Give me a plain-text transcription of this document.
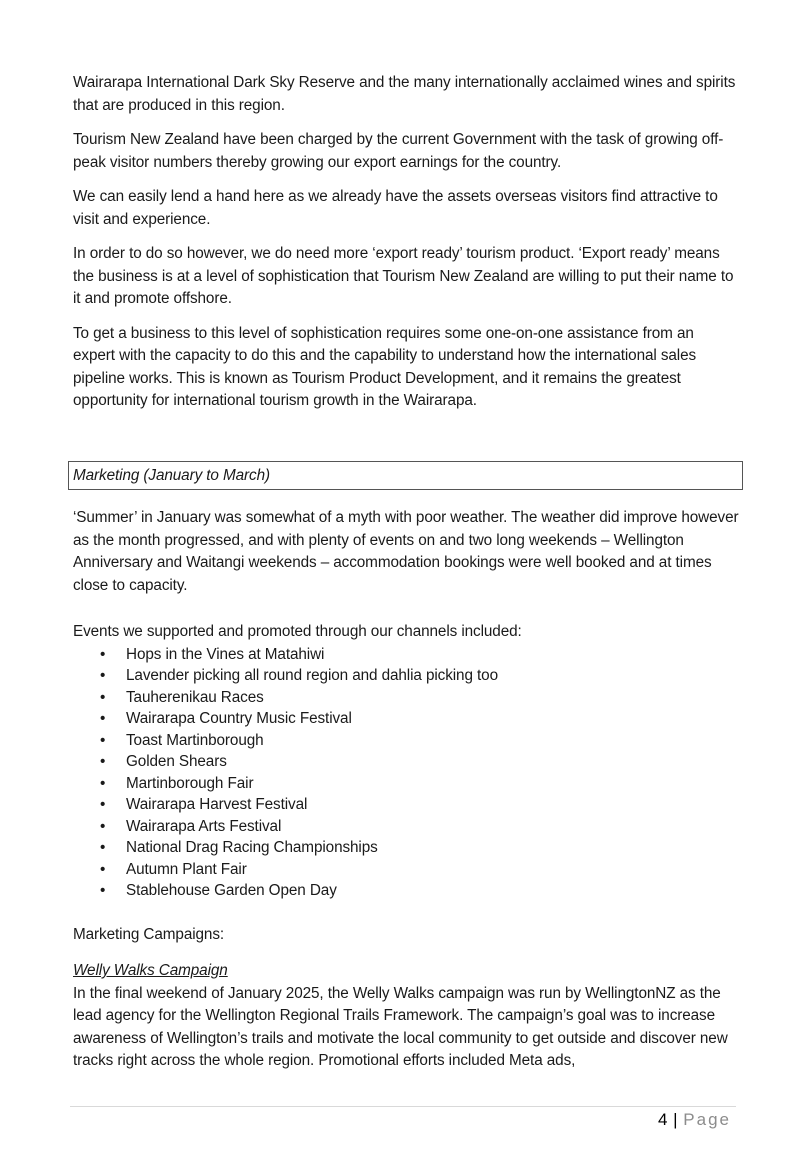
Wairarapa International Dark Sky Reserve and the many internationally acclaimed wines and spirits that are produced in this region.

Tourism New Zealand have been charged by the current Government with the task of growing off-peak visitor numbers thereby growing our export earnings for the country.

We can easily lend a hand here as we already have the assets overseas visitors find attractive to visit and experience.

In order to do so however, we do need more ‘export ready’ tourism product. ‘Export ready’ means the business is at a level of sophistication that Tourism New Zealand are willing to put their name to it and promote offshore.

To get a business to this level of sophistication requires some one-on-one assistance from an expert with the capacity to do this and the capability to understand how the international sales pipeline works. This is known as Tourism Product Development, and it remains the greatest opportunity for international tourism growth in the Wairarapa.

Marketing (January to March)

‘Summer’ in January was somewhat of a myth with poor weather. The weather did improve however as the month progressed, and with plenty of events on and two long weekends – Wellington Anniversary and Waitangi weekends – accommodation bookings were well booked and at times close to capacity.

Events we supported and promoted through our channels included:

• Hops in the Vines at Matahiwi
• Lavender picking all round region and dahlia picking too
• Tauherenikau Races
• Wairarapa Country Music Festival
• Toast Martinborough
• Golden Shears
• Martinborough Fair
• Wairarapa Harvest Festival
• Wairarapa Arts Festival
• National Drag Racing Championships
• Autumn Plant Fair
• Stablehouse Garden Open Day

Marketing Campaigns:

Welly Walks Campaign

In the final weekend of January 2025, the Welly Walks campaign was run by WellingtonNZ as the lead agency for the Wellington Regional Trails Framework. The campaign’s goal was to increase awareness of Wellington’s trails and motivate the local community to get outside and discover new tracks right across the whole region. Promotional efforts included Meta ads,

4 | Page
